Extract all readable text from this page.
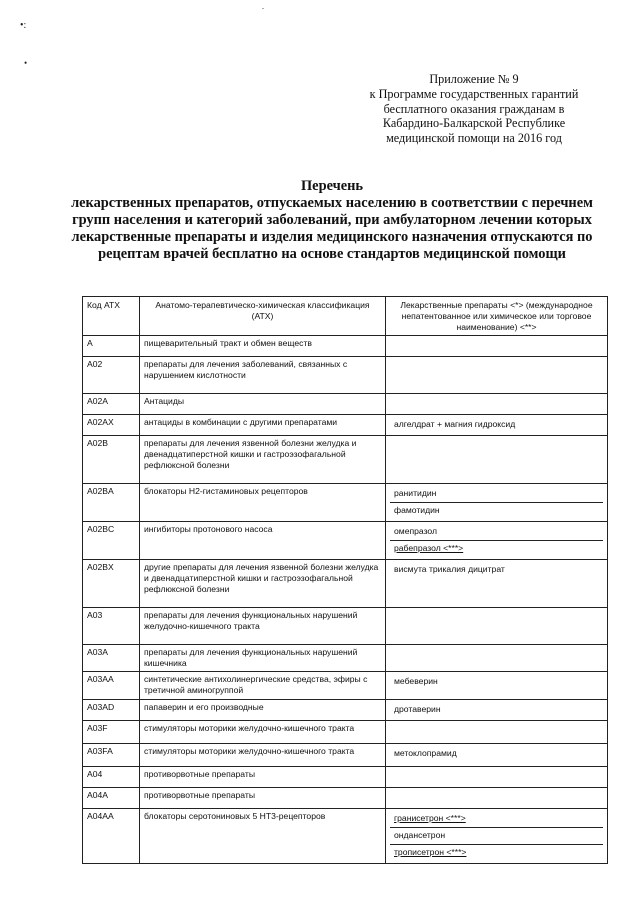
•:
•
.
Приложение № 9
к Программе государственных гарантий
бесплатного оказания гражданам в
Кабардино-Балкарской Республике
медицинской помощи на 2016 год
Перечень
лекарственных препаратов, отпускаемых населению в соответствии с перечнем групп населения и категорий заболеваний, при амбулаторном лечении которых лекарственные препараты и изделия медицинского назначения отпускаются по рецептам врачей бесплатно на основе стандартов медицинской помощи
Код АТХ	Анатомо-терапевтическо-химическая классификация (АТХ)	Лекарственные препараты <*> (международное непатентованное или химическое или торговое наименование) <**>
A	пищеварительный тракт и обмен веществ	

A02	препараты для лечения заболеваний, связанных с нарушением кислотности	

A02A	Антациды	

A02AX	антациды в комбинации с другими препаратами	алгелдрат + магния гидроксид

A02B	препараты для лечения язвенной болезни желудка и двенадцатиперстной кишки и гастроэзофагальной рефлюксной болезни	

A02BA	блокаторы Н2-гистаминовых рецепторов	ранитидин
фамотидин

A02BC	ингибиторы протонового насоса	омепразол
рабепразол <***>

A02BX	другие препараты для лечения язвенной болезни желудка и двенадцатиперстной кишки и гастроэзофагальной рефлюксной болезни	висмута трикалия дицитрат

A03	препараты для лечения функциональных нарушений желудочно-кишечного тракта	

A03A	препараты для лечения функциональных нарушений кишечника	

A03AA	синтетические антихолинергические средства, эфиры с третичной аминогруппой	мебеверин

A03AD	папаверин и его производные	дротаверин

A03F	стимуляторы моторики желудочно-кишечного тракта	

A03FA	стимуляторы моторики желудочно-кишечного тракта	метоклопрамид

A04	противорвотные препараты	

A04A	противорвотные препараты	

A04AA	блокаторы серотониновых 5 НТ3-рецепторов	гранисетрон <***>
ондансетрон
трописетрон <***>
